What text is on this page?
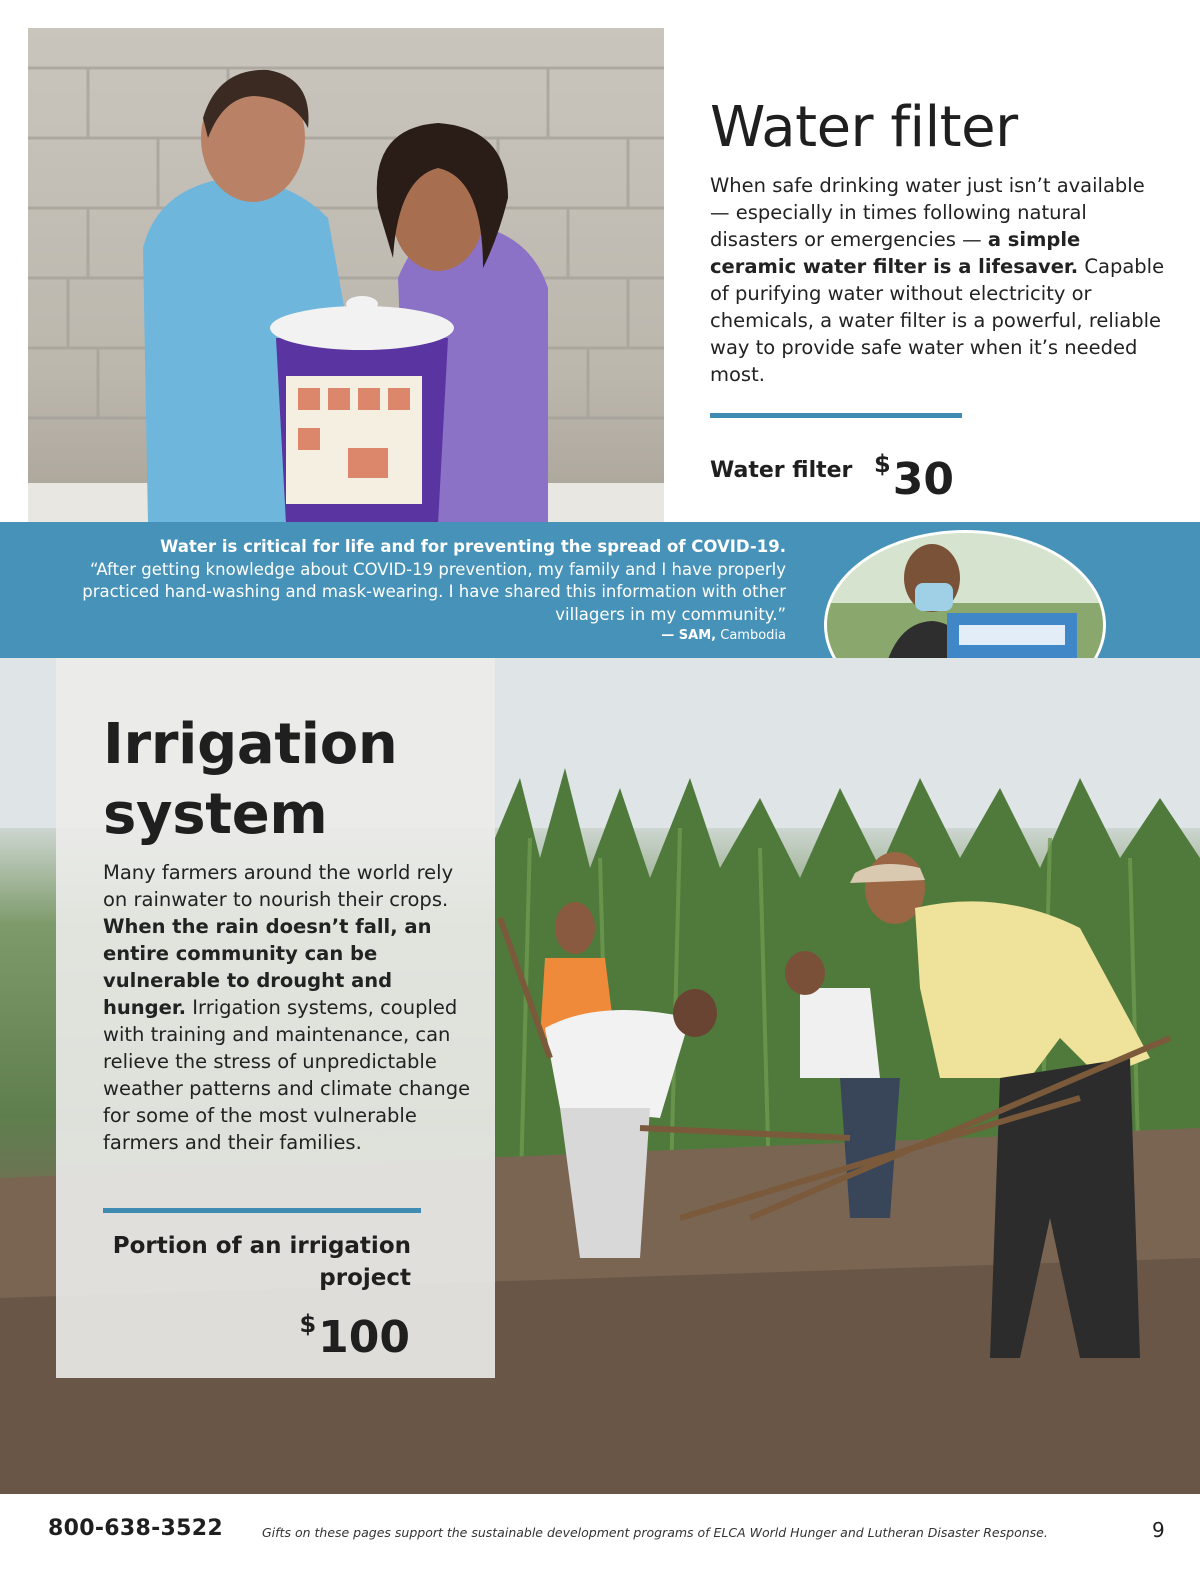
Water filter

When safe drinking water just isn’t available — especially in times following natural disasters or emergencies — a simple ceramic water filter is a lifesaver. Capable of purifying water without electricity or chemicals, a water filter is a powerful, reliable way to provide safe water when it’s needed most.

Water filter $30
Water is critical for life and for preventing the spread of COVID-19.
“After getting knowledge about COVID-19 prevention, my family and I have properly practiced hand-washing and mask-wearing. I have shared this information with other villagers in my community.”
— SAM, Cambodia
Irrigation system

Many farmers around the world rely on rainwater to nourish their crops. When the rain doesn’t fall, an entire community can be vulnerable to drought and hunger. Irrigation systems, coupled with training and maintenance, can relieve the stress of unpredictable weather patterns and climate change for some of the most vulnerable farmers and their families.

Portion of an irrigation project
$100
800-638-3522	Gifts on these pages support the sustainable development programs of ELCA World Hunger and Lutheran Disaster Response.	9
